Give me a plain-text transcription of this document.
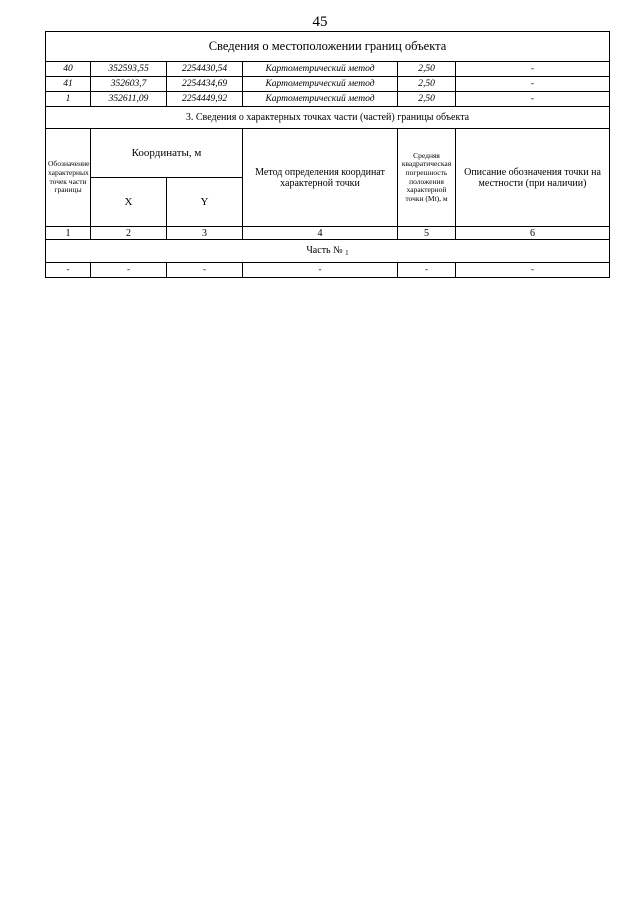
45
Сведения о местоположении границ объекта					
40	352593,55	2254430,54	Картометрический метод	2,50	-
41	352603,7	2254434,69	Картометрический метод	2,50	-
1	352611,09	2254449,92	Картометрический метод	2,50	-
3. Сведения о характерных точках части (частей) границы объекта					
Обозначение характерных точек части границы	Координаты, м		Метод определения координат характерной точки	Средняя квадратическая погрешность положения характерной точки (Mt), м	Описание обозначения точки на местности (при наличии)
	X	Y			
1	2	3	4	5	6
Часть № $_1$
-	-	-	-	-	-
